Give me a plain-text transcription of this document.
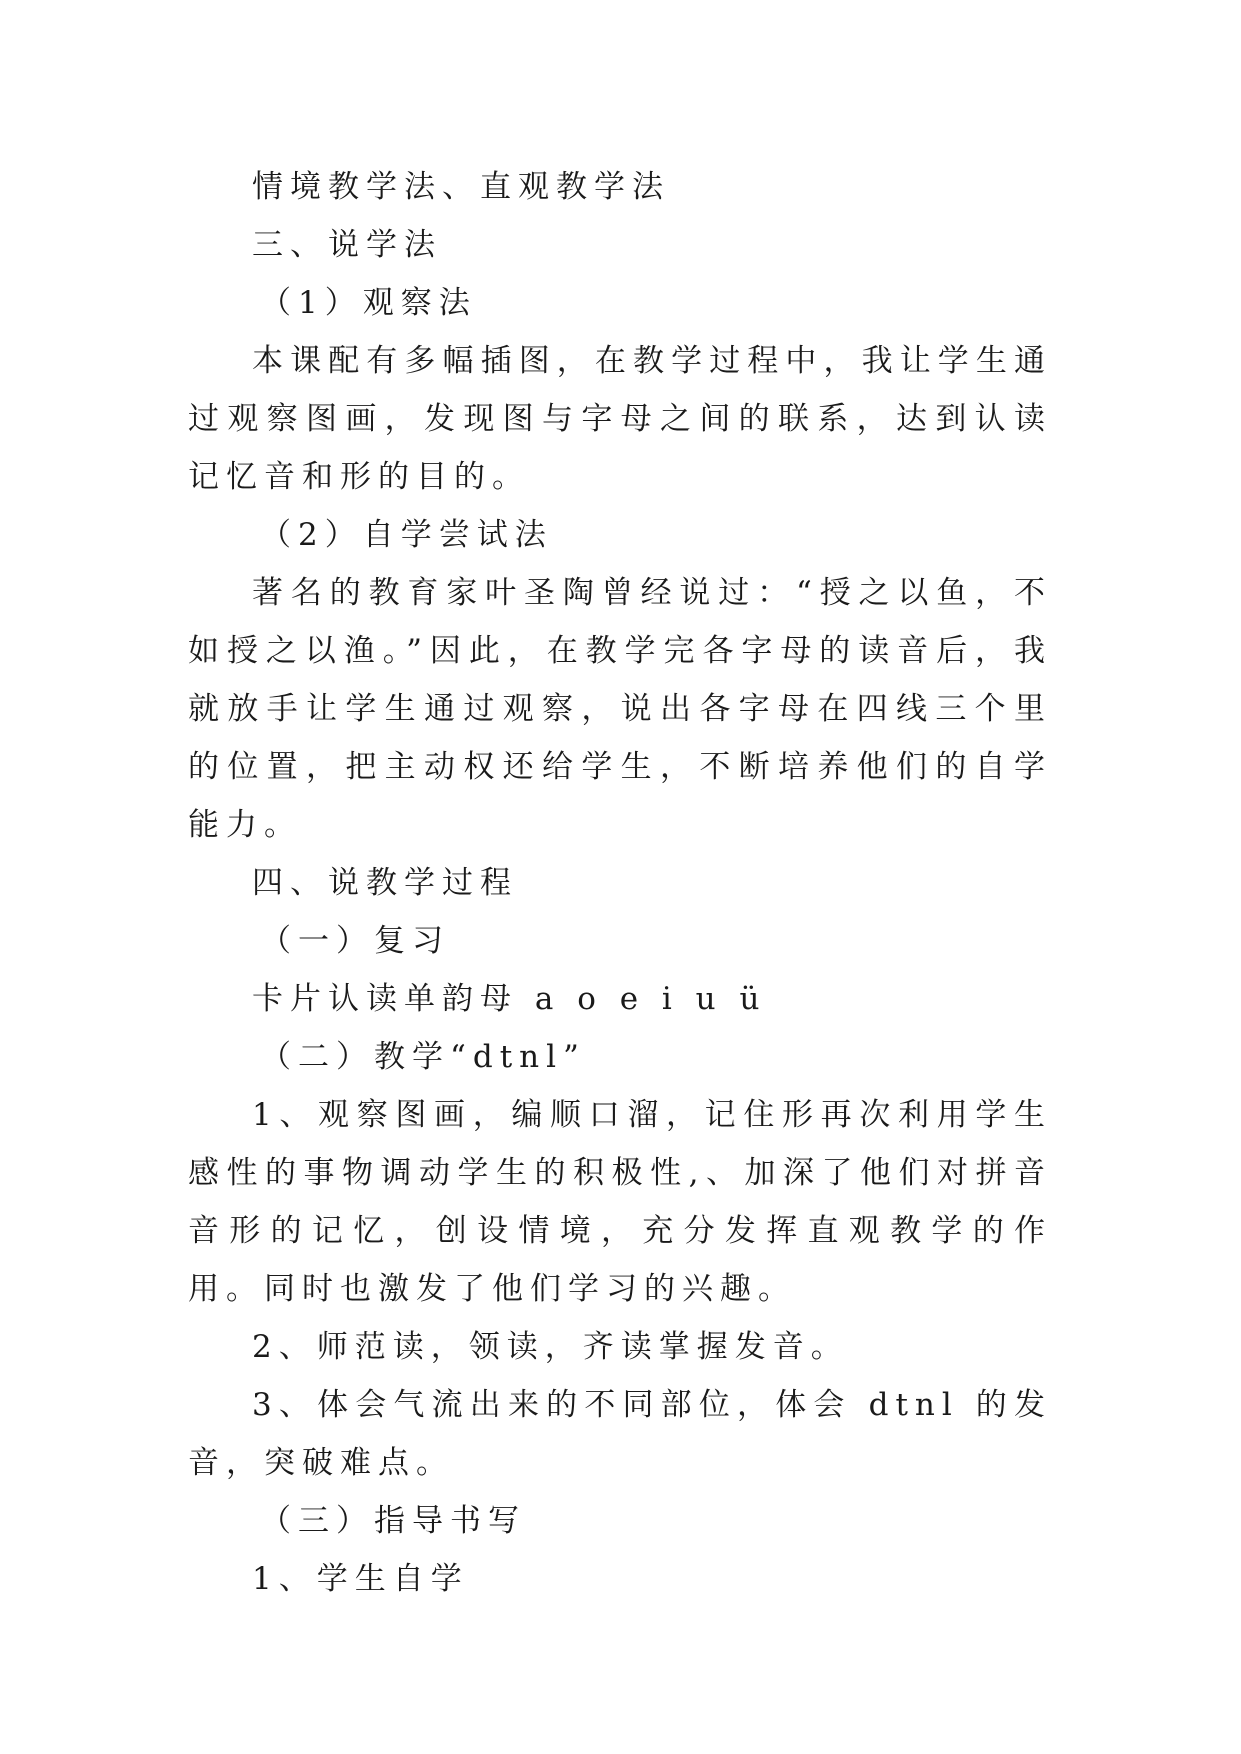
情境教学法、直观教学法

三、说学法

（1）观察法

本课配有多幅插图，在教学过程中，我让学生通过观察图画，发现图与字母之间的联系，达到认读记忆音和形的目的。

（2）自学尝试法

著名的教育家叶圣陶曾经说过：“授之以鱼，不如授之以渔。”因此，在教学完各字母的读音后，我就放手让学生通过观察，说出各字母在四线三个里的位置，把主动权还给学生，不断培养他们的自学能力。

四、说教学过程

（一）复习

卡片认读单韵母 a o e i u ü

（二）教学“dtnl”

1、观察图画，编顺口溜，记住形再次利用学生感性的事物调动学生的积极性,、加深了他们对拼音音形的记忆，创设情境，充分发挥直观教学的作用。同时也激发了他们学习的兴趣。

2、师范读，领读，齐读掌握发音。

3、体会气流出来的不同部位，体会 dtnl 的发音，突破难点。

（三）指导书写

1、学生自学
